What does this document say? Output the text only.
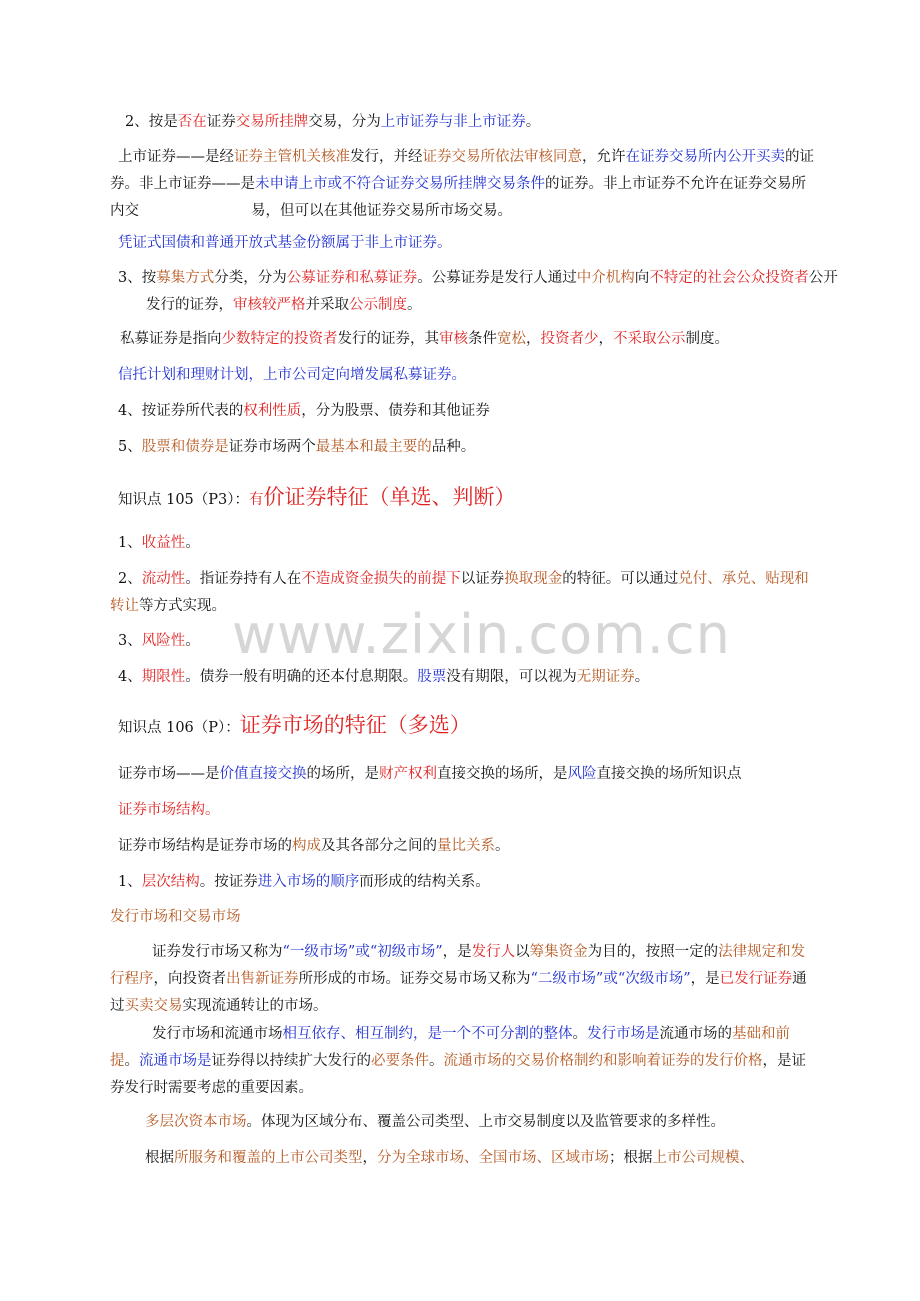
2、按是否在证券交易所挂牌交易，分为上市证券与非上市证券。
上市证券——是经证券主管机关核准发行，并经证券交易所依法审核同意，允许在证券交易所内公开买卖的证券。非上市证券——是未申请上市或不符合证券交易所挂牌交易条件的证券。非上市证券不允许在证券交易所内交	易，但可以在其他证券交易所市场交易。
凭证式国债和普通开放式基金份额属于非上市证券。
3、按募集方式分类，分为公募证券和私募证券。公募证券是发行人通过中介机构向不特定的社会公众投资者公开发行的证券，审核较严格并采取公示制度。
私募证券是指向少数特定的投资者发行的证券，其审核条件宽松，投资者少，不采取公示制度。
信托计划和理财计划，上市公司定向增发属私募证券。
4、按证券所代表的权利性质，分为股票、债券和其他证券
5、股票和债券是证券市场两个最基本和最主要的品种。
知识点 105（P3）：有价证券特征（单选、判断）
1、收益性。
2、流动性。指证券持有人在不造成资金损失的前提下以证券换取现金的特征。可以通过兑付、承兑、贴现和转让等方式实现。 www.zixin.com.cn
3、风险性。
4、期限性。债券一般有明确的还本付息期限。股票没有期限，可以视为无期证券。
知识点 106（P）：证券市场的特征（多选）
证券市场——是价值直接交换的场所，是财产权利直接交换的场所，是风险直接交换的场所知识点
证券市场结构。
证券市场结构是证券市场的构成及其各部分之间的量比关系。
1、层次结构。按证券进入市场的顺序而形成的结构关系。
发行市场和交易市场
证券发行市场又称为“一级市场”或“初级市场”，是发行人以筹集资金为目的，按照一定的法律规定和发行程序，向投资者出售新证券所形成的市场。证券交易市场又称为“二级市场”或“次级市场”，是已发行证券通过买卖交易实现流通转让的市场。
发行市场和流通市场相互依存、相互制约，是一个不可分割的整体。发行市场是流通市场的基础和前提。流通市场是证券得以持续扩大发行的必要条件。流通市场的交易价格制约和影响着证券的发行价格，是证券发行时需要考虑的重要因素。
多层次资本市场。体现为区域分布、覆盖公司类型、上市交易制度以及监管要求的多样性。
根据所服务和覆盖的上市公司类型，分为全球市场、全国市场、区域市场；根据上市公司规模、
